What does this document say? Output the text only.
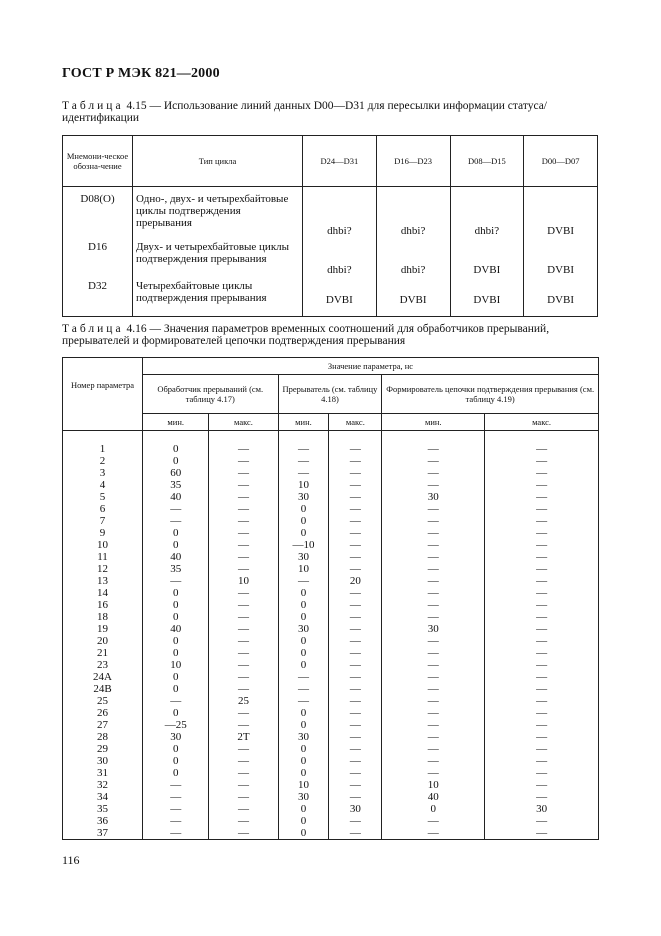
ГОСТ Р МЭК 821—2000
Таблица 4.15 — Использование линий данных D00—D31 для пересылки информации статуса/идентификации
Мнемони-ческое обозна-чение	Тип цикла	D24—D31	D16—D23	D08—D15	D00—D07
D08(O)	Одно-, двух- и четырехбайтовые циклы подтверждения прерывания	dhbi?	dhbi?	dhbi?	DVBI
D16	Двух- и четырехбайтовые циклы подтверждения прерывания	dhbi?	dhbi?	DVBI	DVBI
D32	Четырехбайтовые циклы подтверждения прерывания	DVBI	DVBI	DVBI	DVBI
Таблица 4.16 — Значения параметров временных соотношений для обработчиков прерываний, прерывателей и формирователей цепочки подтверждения прерывания
Номер параметра	Значение параметра, нс					
	Обработчик прерываний (см. таблицу 4.17)		Прерыватель (см. таблицу 4.18)		Формирователь цепочки подтверждения прерывания (см. таблицу 4.19)	
	мин.	макс.	мин.	макс.	мин.	макс.
1	0	—	—	—	—	—
2	0	—	—	—	—	—
3	60	—	—	—	—	—
4	35	—	10	—	—	—
5	40	—	30	—	30	—
6	—	—	0	—	—	—
7	—	—	0	—	—	—
9	0	—	0	—	—	—
10	0	—	—10	—	—	—
11	40	—	30	—	—	—
12	35	—	10	—	—	—
13	—	10	—	20	—	—
14	0	—	0	—	—	—
16	0	—	0	—	—	—
18	0	—	0	—	—	—
19	40	—	30	—	30	—
20	0	—	0	—	—	—
21	0	—	0	—	—	—
23	10	—	0	—	—	—
24A	0	—	—	—	—	—
24B	0	—	—	—	—	—
25	—	25	—	—	—	—
26	0	—	0	—	—	—
27	—25	—	0	—	—	—
28	30	2T	30	—	—	—
29	0	—	0	—	—	—
30	0	—	0	—	—	—
31	0	—	0	—	—	—
32	—	—	10	—	10	—
34	—	—	30	—	40	—
35	—	—	0	30	0	30
36	—	—	0	—	—	—
37	—	—	0	—	—	—
116
